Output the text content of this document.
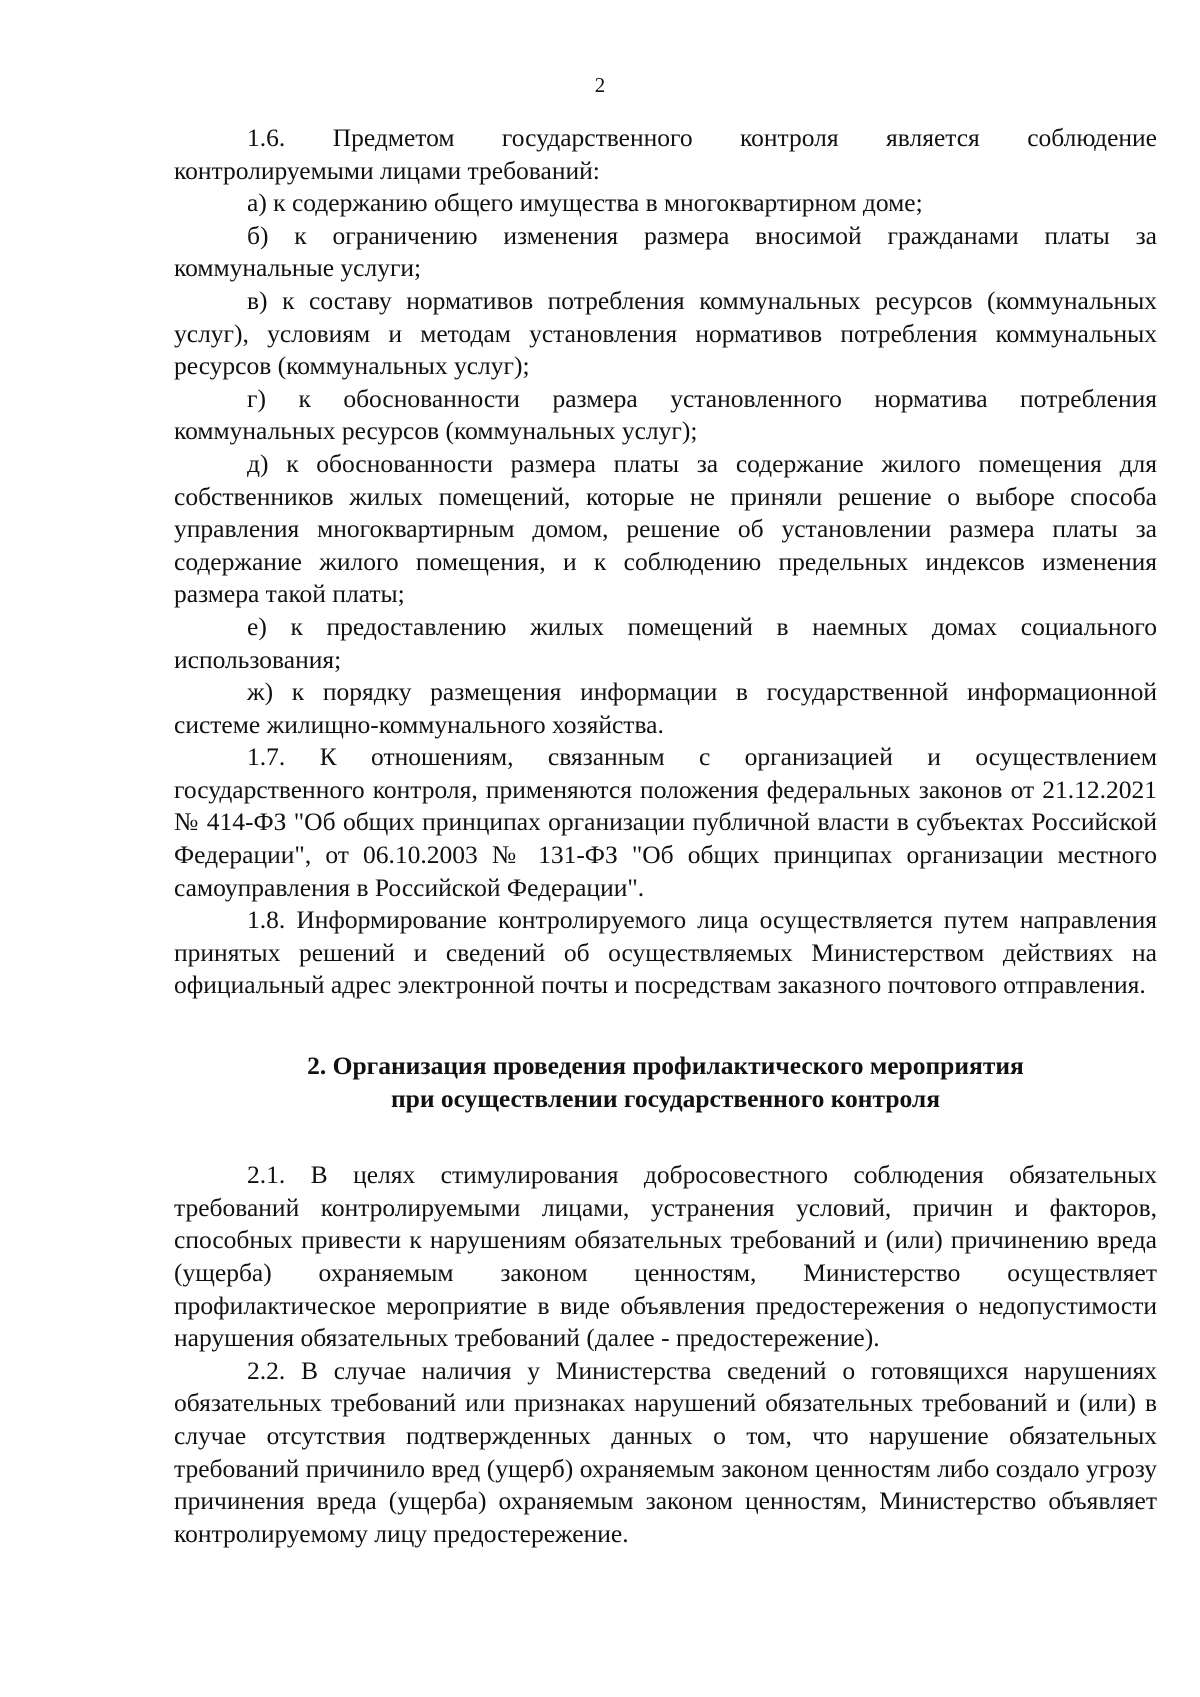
2

1.6. Предметом государственного контроля является соблюдение контролируемыми лицами требований:

а) к содержанию общего имущества в многоквартирном доме;

б) к ограничению изменения размера вносимой гражданами платы за коммунальные услуги;

в) к составу нормативов потребления коммунальных ресурсов (коммунальных услуг), условиям и методам установления нормативов потребления коммунальных ресурсов (коммунальных услуг);

г) к обоснованности размера установленного норматива потребления коммунальных ресурсов (коммунальных услуг);

д) к обоснованности размера платы за содержание жилого помещения для собственников жилых помещений, которые не приняли решение о выборе способа управления многоквартирным домом, решение об установлении размера платы за содержание жилого помещения, и к соблюдению предельных индексов изменения размера такой платы;

е) к предоставлению жилых помещений в наемных домах социального использования;

ж) к порядку размещения информации в государственной информационной системе жилищно-коммунального хозяйства.

1.7. К отношениям, связанным с организацией и осуществлением государственного контроля, применяются положения федеральных законов от 21.12.2021 № 414-ФЗ "Об общих принципах организации публичной власти в субъектах Российской Федерации", от 06.10.2003 № 131-ФЗ "Об общих принципах организации местного самоуправления в Российской Федерации".

1.8. Информирование контролируемого лица осуществляется путем направления принятых решений и сведений об осуществляемых Министерством действиях на официальный адрес электронной почты и посредствам заказного почтового отправления.

2. Организация проведения профилактического мероприятия
при осуществлении государственного контроля

2.1. В целях стимулирования добросовестного соблюдения обязательных требований контролируемыми лицами, устранения условий, причин и факторов, способных привести к нарушениям обязательных требований и (или) причинению вреда (ущерба) охраняемым законом ценностям, Министерство осуществляет профилактическое мероприятие в виде объявления предостережения о недопустимости нарушения обязательных требований (далее - предостережение).

2.2. В случае наличия у Министерства сведений о готовящихся нарушениях обязательных требований или признаках нарушений обязательных требований и (или) в случае отсутствия подтвержденных данных о том, что нарушение обязательных требований причинило вред (ущерб) охраняемым законом ценностям либо создало угрозу причинения вреда (ущерба) охраняемым законом ценностям, Министерство объявляет контролируемому лицу предостережение.
